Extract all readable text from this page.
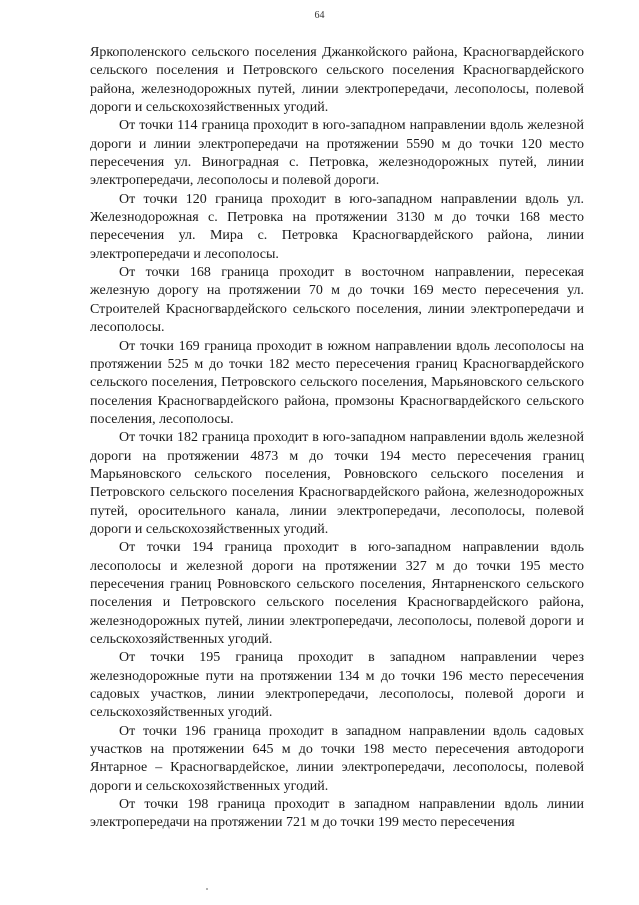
64

Яркополенского сельского поселения Джанкойского района, Красногвардейского сельского поселения и Петровского сельского поселения Красногвардейского района, железнодорожных путей, линии электропередачи, лесополосы, полевой дороги и сельскохозяйственных угодий.

От точки 114 граница проходит в юго-западном направлении вдоль железной дороги и линии электропередачи на протяжении 5590 м до точки 120 место пересечения ул. Виноградная с. Петровка, железнодорожных путей, линии электропередачи, лесополосы и полевой дороги.

От точки 120 граница проходит в юго-западном направлении вдоль ул. Железнодорожная с. Петровка на протяжении 3130 м до точки 168 место пересечения ул. Мира с. Петровка Красногвардейского района, линии электропередачи и лесополосы.

От точки 168 граница проходит в восточном направлении, пересекая железную дорогу на протяжении 70 м до точки 169 место пересечения ул. Строителей Красногвардейского сельского поселения, линии электропередачи и лесополосы.

От точки 169 граница проходит в южном направлении вдоль лесополосы на протяжении 525 м до точки 182 место пересечения границ Красногвардейского сельского поселения, Петровского сельского поселения, Марьяновского сельского поселения Красногвардейского района, промзоны Красногвардейского сельского поселения, лесополосы.

От точки 182 граница проходит в юго-западном направлении вдоль железной дороги на протяжении 4873 м до точки 194 место пересечения границ Марьяновского сельского поселения, Ровновского сельского поселения и Петровского сельского поселения Красногвардейского района, железнодорожных путей, оросительного канала, линии электропередачи, лесополосы, полевой дороги и сельскохозяйственных угодий.

От точки 194 граница проходит в юго-западном направлении вдоль лесополосы и железной дороги на протяжении 327 м до точки 195 место пересечения границ Ровновского сельского поселения, Янтарненского сельского поселения и Петровского сельского поселения Красногвардейского района, железнодорожных путей, линии электропередачи, лесополосы, полевой дороги и сельскохозяйственных угодий.

От точки 195 граница проходит в западном направлении через железнодорожные пути на протяжении 134 м до точки 196 место пересечения садовых участков, линии электропередачи, лесополосы, полевой дороги и сельскохозяйственных угодий.

От точки 196 граница проходит в западном направлении вдоль садовых участков на протяжении 645 м до точки 198 место пересечения автодороги Янтарное – Красногвардейское, линии электропередачи, лесополосы, полевой дороги и сельскохозяйственных угодий.

От точки 198 граница проходит в западном направлении вдоль линии электропередачи на протяжении 721 м до точки 199 место пересечения
